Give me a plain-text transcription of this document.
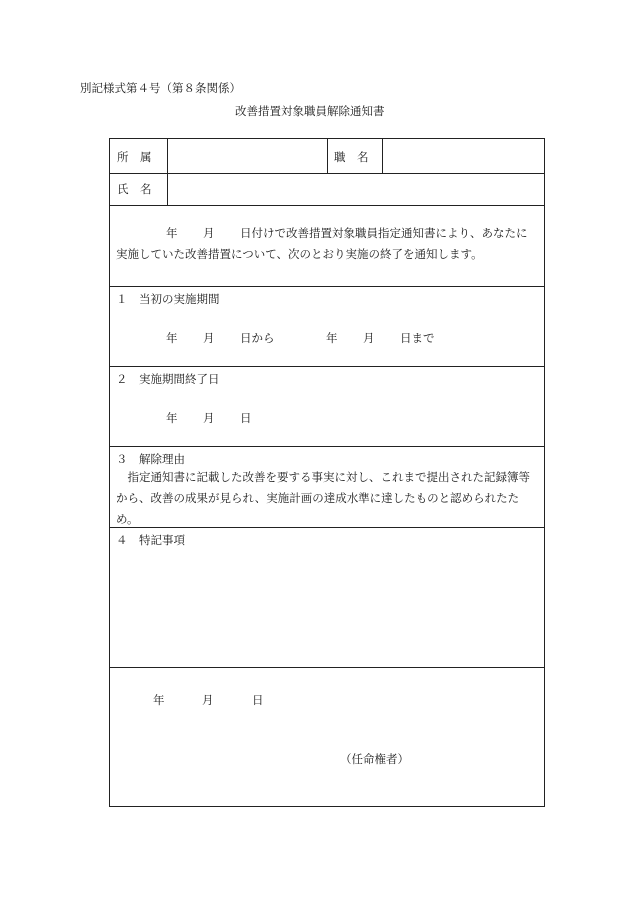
別記様式第４号（第８条関係）
改善措置対象職員解除通知書
所　属	職　名
氏　名
年 月 日付けで改善措置対象職員指定通知書により、あなたに
実施していた改善措置について、次のとおり実施の終了を通知します。
１　当初の実施期間
年 月 日から	年 月 日まで
２　実施期間終了日
年 月 日
３　解除理由
　指定通知書に記載した改善を要する事実に対し、これまで提出された記録簿等から、改善の成果が見られ、実施計画の達成水準に達したものと認められたため。
４　特記事項
年	月	日
（任命権者）
